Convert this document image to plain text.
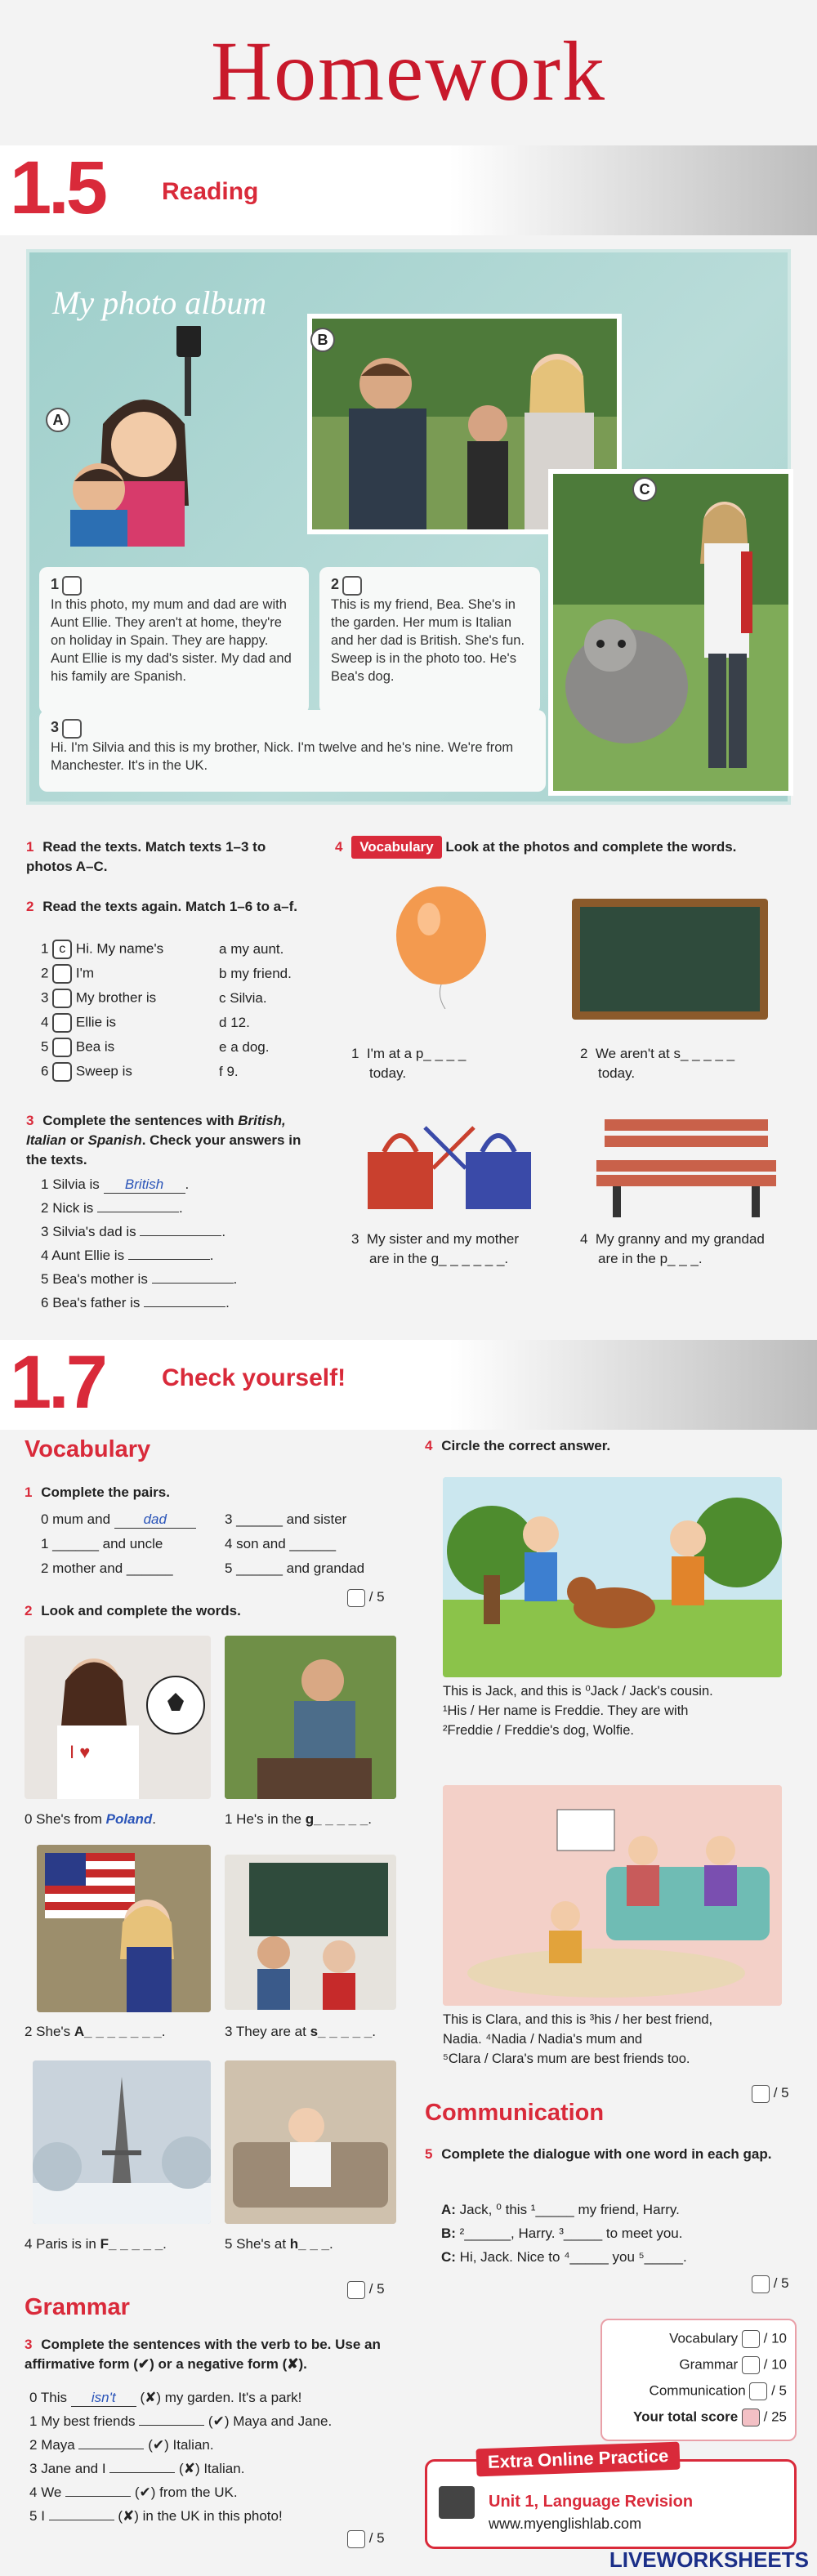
Homework
1.5 Reading
My photo album
A
B
C
1
In this photo, my mum and dad are with Aunt Ellie. They aren't at home, they're on holiday in Spain. They are happy. Aunt Ellie is my dad's sister. My dad and his family are Spanish.
2
This is my friend, Bea. She's in the garden. Her mum is Italian and her dad is British. She's fun. Sweep is in the photo too. He's Bea's dog.
3
Hi. I'm Silvia and this is my brother, Nick. I'm twelve and he's nine. We're from Manchester. It's in the UK.
1 Read the texts. Match texts 1–3 to photos A–C.
2 Read the texts again. Match 1–6 to a–f.
1 c Hi. My name's	a my aunt.
2  I'm	b my friend.
3  My brother is	c Silvia.
4  Ellie is	d 12.
5  Bea is	e a dog.
6  Sweep is	f 9.
3 Complete the sentences with British, Italian or Spanish. Check your answers in the texts.
1 Silvia is British .
2 Nick is	.
3 Silvia's dad is	.
4 Aunt Ellie is	.
5 Bea's mother is	.
6 Bea's father is	.
4 Vocabulary Look at the photos and complete the words.
1 I'm at a p_ _ _ _
today.
2 We aren't at s_ _ _ _ _
today.
3 My sister and my mother
are in the g_ _ _ _ _ _.
4 My granny and my grandad
are in the p_ _ _.
1.7 Check yourself!
Vocabulary
1 Complete the pairs.
0 mum and dad	3 ______ and sister
1 ______ and uncle	4 son and ______
2 mother and ______	5 ______ and grandad
/ 5
2 Look and complete the words.
I ♥
0 She's from Poland.	1 He's in the g_ _ _ _ _.
2 She's A_ _ _ _ _ _ _.	3 They are at s_ _ _ _ _.
4 Paris is in F_ _ _ _ _.	5 She's at h_ _ _.
/ 5
Grammar
3 Complete the sentences with the verb to be. Use an affirmative form (✔) or a negative form (✘).
0 This isn't (✘) my garden. It's a park!
1 My best friends	(✔) Maya and Jane.
2 Maya	(✔) Italian.
3 Jane and I	(✘) Italian.
4 We	(✔) from the UK.
5 I	(✘) in the UK in this photo!
/ 5
4 Circle the correct answer.
This is Jack, and this is ⁰Jack / Jack's cousin.
¹His / Her name is Freddie. They are with
²Freddie / Freddie's dog, Wolfie.
This is Clara, and this is ³his / her best friend,
Nadia. ⁴Nadia / Nadia's mum and
⁵Clara / Clara's mum are best friends too.
/ 5
Communication
5 Complete the dialogue with one word in each gap.
A: Jack, ⁰ this ¹_____ my friend, Harry.
B: ²______, Harry. ³_____ to meet you.
C: Hi, Jack. Nice to ⁴_____ you ⁵_____.
/ 5
Vocabulary  / 10
Grammar  / 10
Communication  / 5
Your total score  / 25
Extra Online Practice
Unit 1, Language Revision
www.myenglishlab.com
LIVEWORKSHEETS
